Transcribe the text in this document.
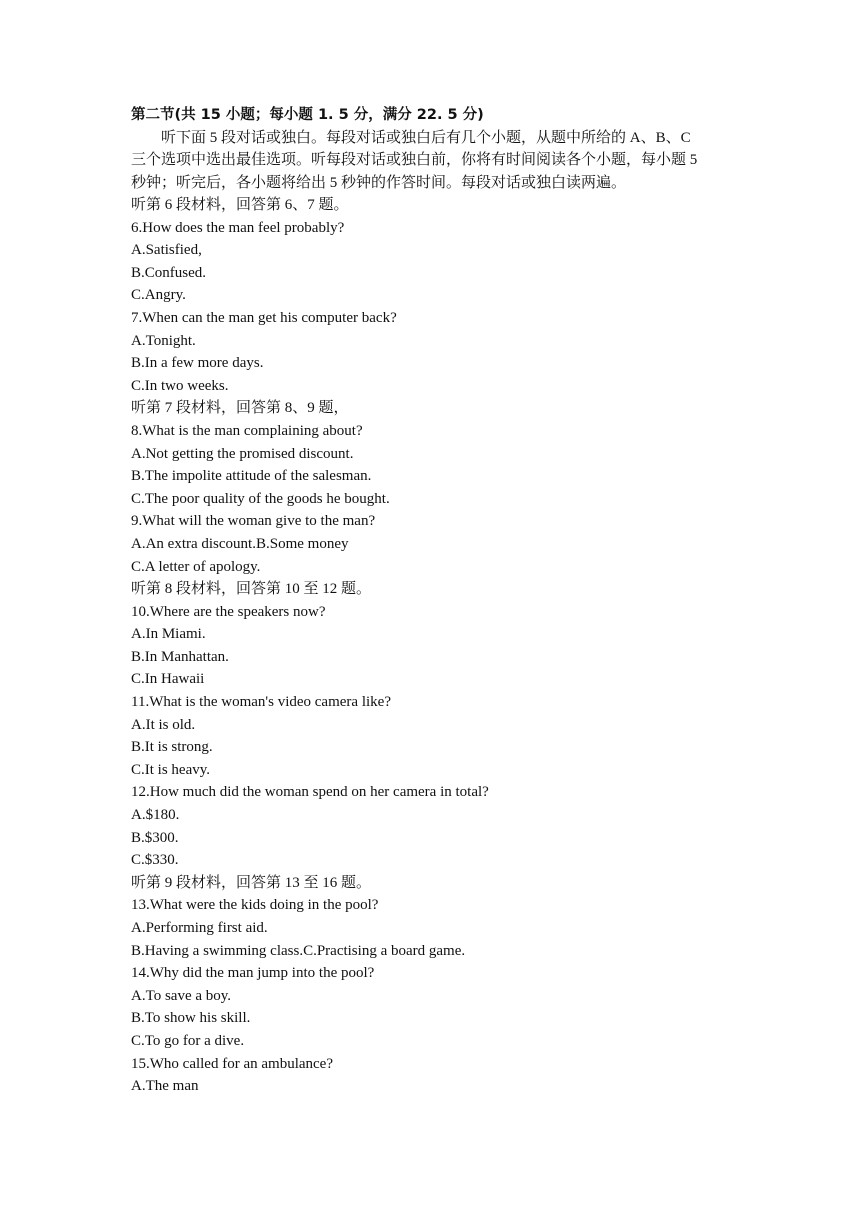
第二节(共 15 小题；每小题 1. 5 分，满分 22. 5 分)
听下面 5 段对话或独白。每段对话或独白后有几个小题，从题中所给的 A、B、C
三个选项中选出最佳选项。听每段对话或独白前，你将有时间阅读各个小题，每小题 5
秒钟；听完后，各小题将给出 5 秒钟的作答时间。每段对话或独白读两遍。
听第 6 段材料，回答第 6、7 题。
6.How does the man feel probably?
A.Satisfied,
B.Confused.
C.Angry.
7.When can the man get his computer back?
A.Tonight.
B.In a few more days.
C.In two weeks.
听第 7 段材料，回答第 8、9 题，
8.What is the man complaining about?
A.Not getting the promised discount.
B.The impolite attitude of the salesman.
C.The poor quality of the goods he bought.
9.What will the woman give to the man?
A.An extra discount.B.Some money
C.A letter of apology.
听第 8 段材料，回答第 10 至 12 题。
10.Where are the speakers now?
A.In Miami.
B.In Manhattan.
C.In Hawaii
11.What is the woman's video camera like?
A.It is old.
B.It is strong.
C.It is heavy.
12.How much did the woman spend on her camera in total?
A.$180.
B.$300.
C.$330.
听第 9 段材料，回答第 13 至 16 题。
13.What were the kids doing in the pool?
A.Performing first aid.
B.Having a swimming class.C.Practising a board game.
14.Why did the man jump into the pool?
A.To save a boy.
B.To show his skill.
C.To go for a dive.
15.Who called for an ambulance?
A.The man
